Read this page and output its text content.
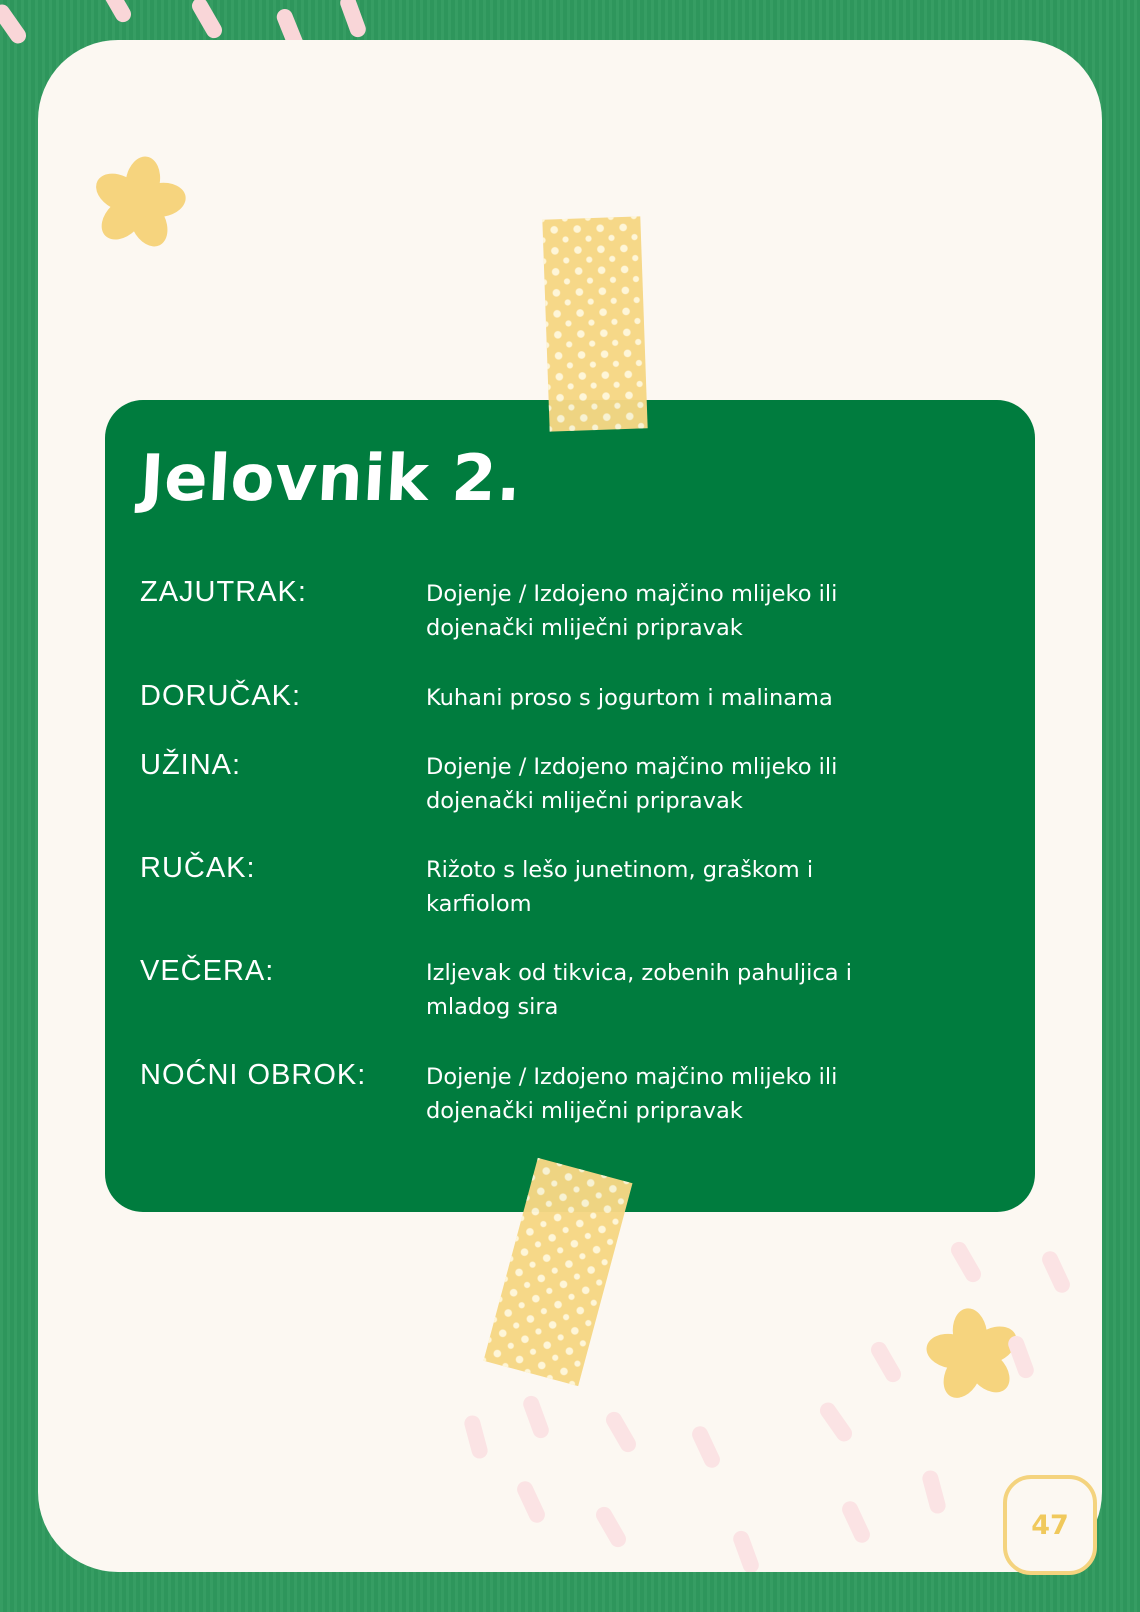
Jelovnik 2.
ZAJUTRAK:	Dojenje / Izdojeno majčino mlijeko ili dojenački mliječni pripravak
DORUČAK:	Kuhani proso s jogurtom i malinama
UŽINA:	Dojenje / Izdojeno majčino mlijeko ili dojenački mliječni pripravak
RUČAK:	Rižoto s lešo junetinom, graškom i karfiolom
VEČERA:	Izljevak od tikvica, zobenih pahuljica i mladog sira
NOĆNI OBROK:	Dojenje / Izdojeno majčino mlijeko ili dojenački mliječni pripravak
47
